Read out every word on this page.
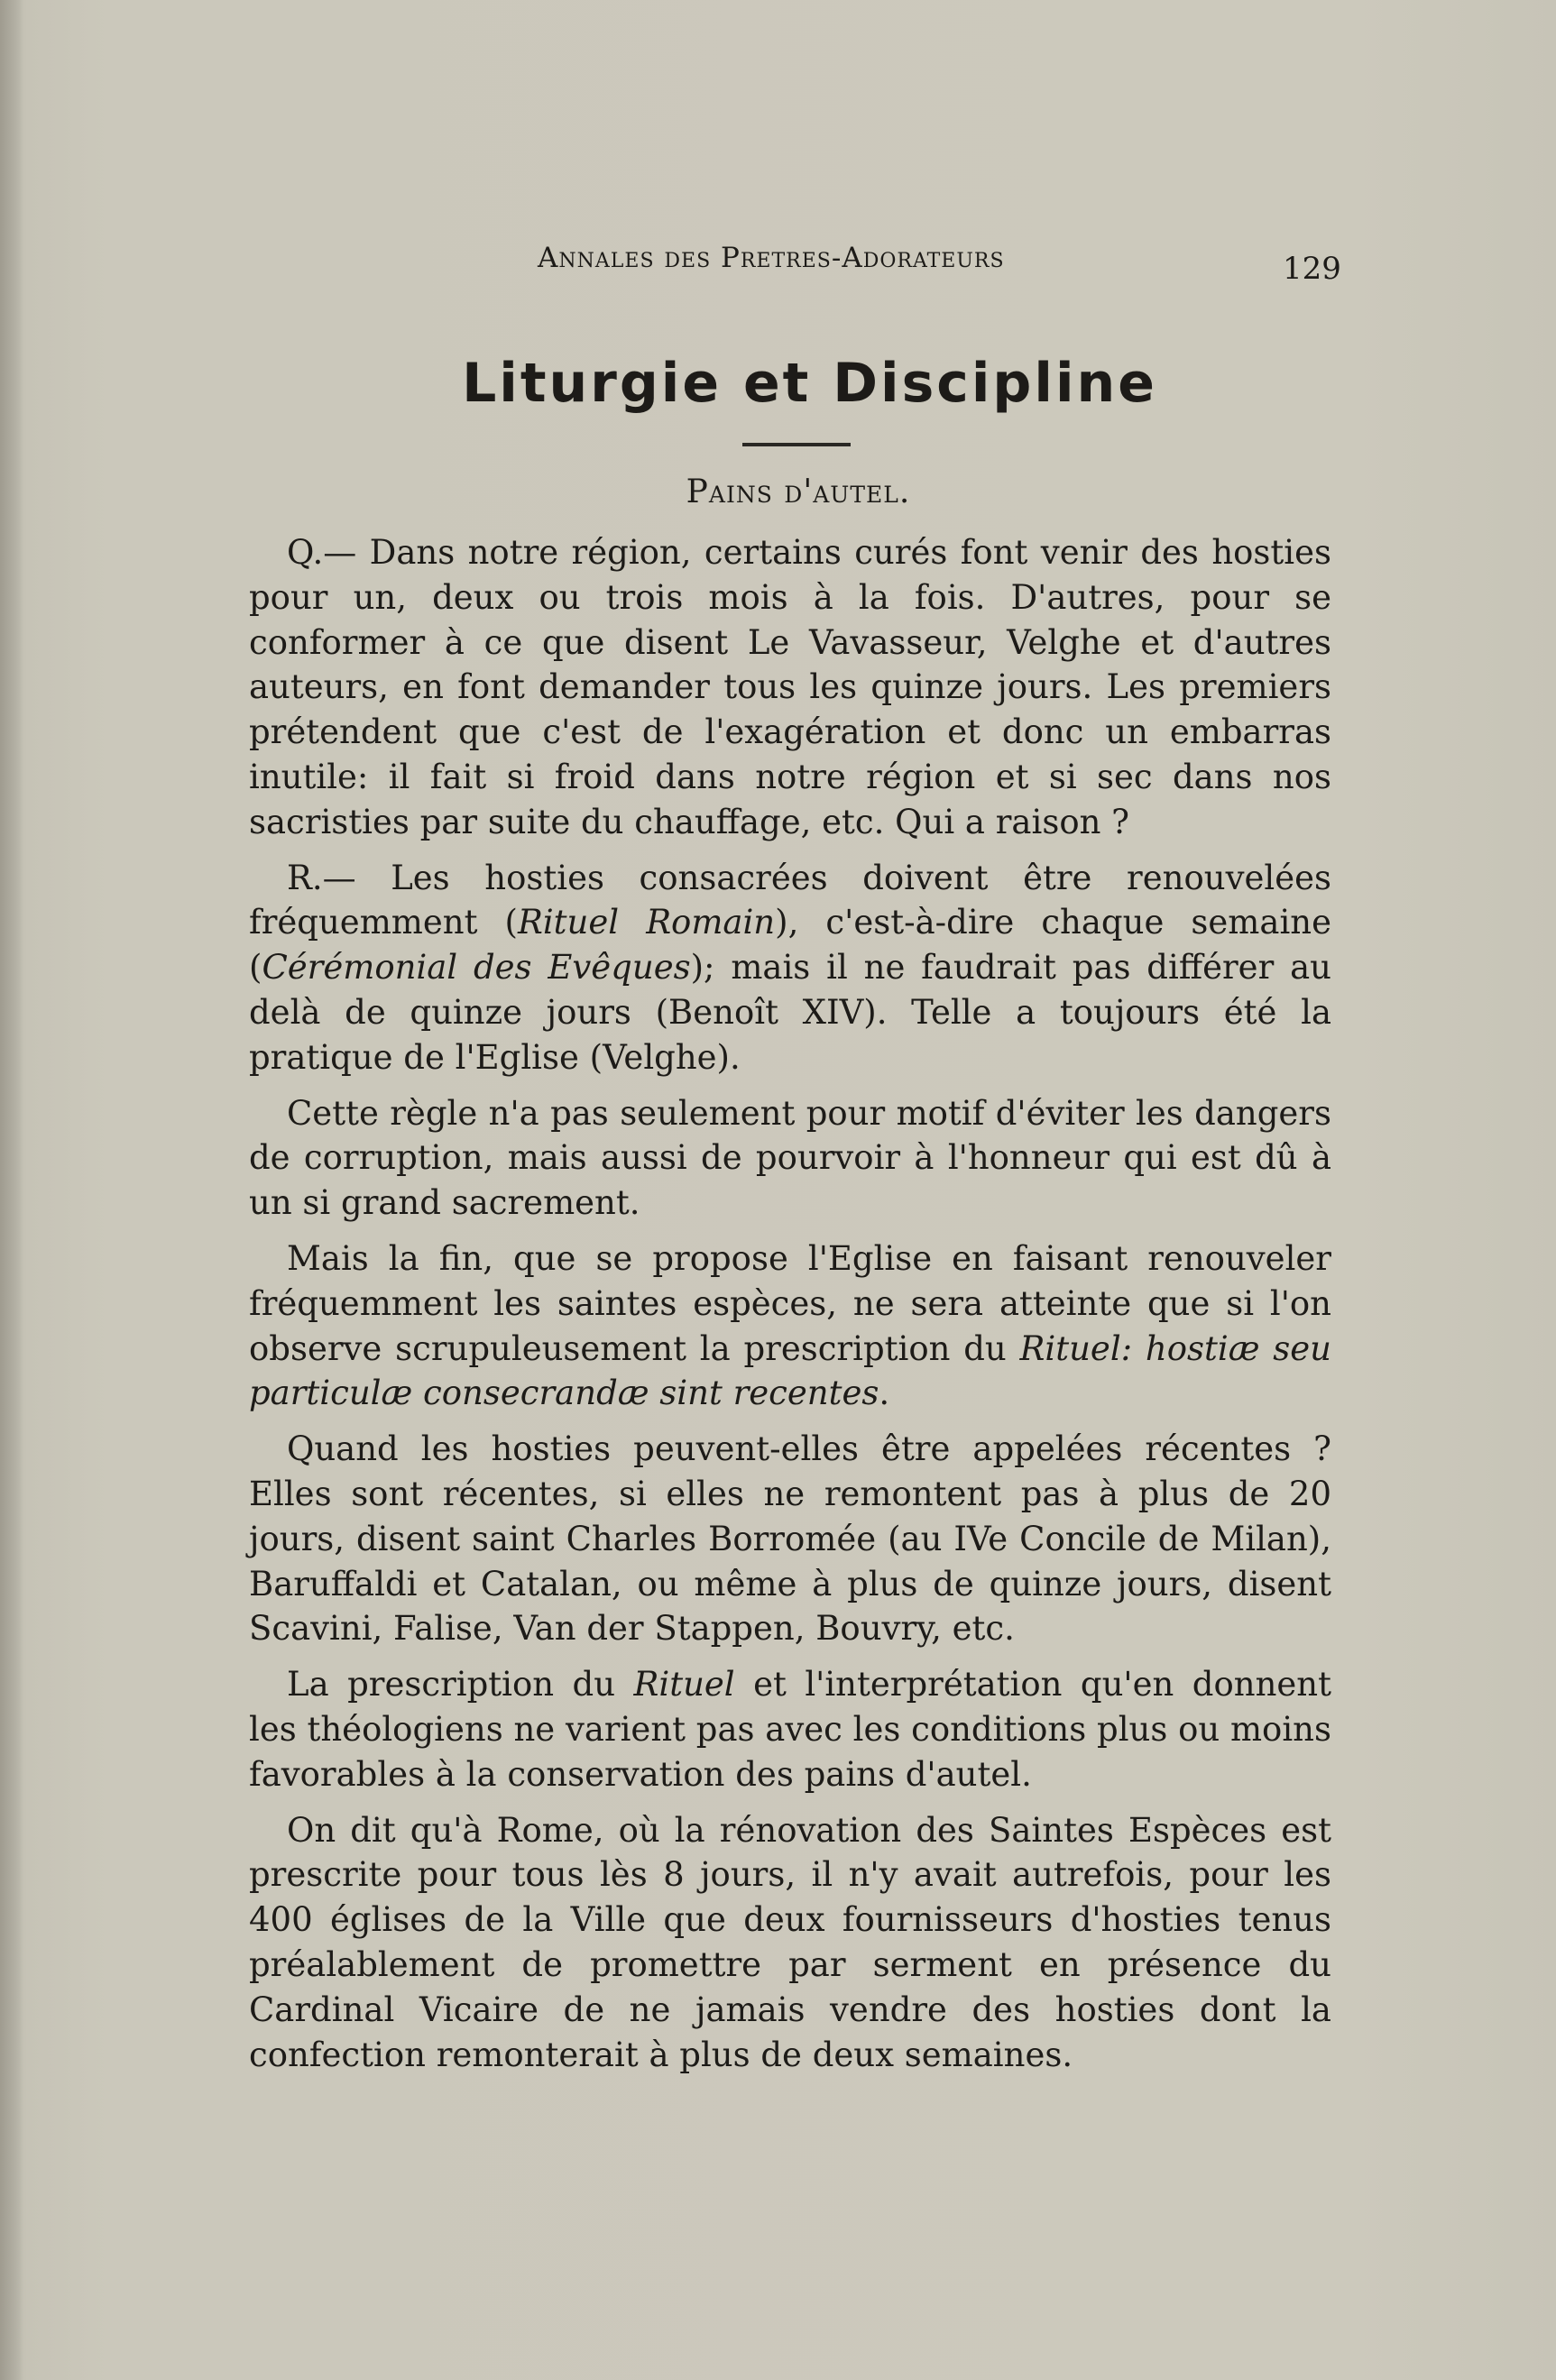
Annales des Pretres-Adorateurs	129
Liturgie et Discipline
Pains d'autel.

Q.— Dans notre région, certains curés font venir des hosties pour un, deux ou trois mois à la fois. D'autres, pour se conformer à ce que disent Le Vavasseur, Velghe et d'autres auteurs, en font demander tous les quinze jours. Les premiers prétendent que c'est de l'exagération et donc un embarras inutile: il fait si froid dans notre région et si sec dans nos sacristies par suite du chauffage, etc. Qui a raison ?

R.— Les hosties consacrées doivent être renouvelées fréquemment (Rituel Romain), c'est-à-dire chaque semaine (Cérémonial des Evêques); mais il ne faudrait pas différer au delà de quinze jours (Benoît XIV). Telle a toujours été la pratique de l'Eglise (Velghe).

Cette règle n'a pas seulement pour motif d'éviter les dangers de corruption, mais aussi de pourvoir à l'honneur qui est dû à un si grand sacrement.

Mais la fin, que se propose l'Eglise en faisant renouveler fréquemment les saintes espèces, ne sera atteinte que si l'on observe scrupuleusement la prescription du Rituel: hostiæ seu particulæ consecrandæ sint recentes.

Quand les hosties peuvent-elles être appelées récentes ? Elles sont récentes, si elles ne remontent pas à plus de 20 jours, disent saint Charles Borromée (au IVe Concile de Milan), Baruffaldi et Catalan, ou même à plus de quinze jours, disent Scavini, Falise, Van der Stappen, Bouvry, etc.

La prescription du Rituel et l'interprétation qu'en donnent les théologiens ne varient pas avec les conditions plus ou moins favorables à la conservation des pains d'autel.

On dit qu'à Rome, où la rénovation des Saintes Espèces est prescrite pour tous lès 8 jours, il n'y avait autrefois, pour les 400 églises de la Ville que deux fournisseurs d'hosties tenus préalablement de promettre par serment en présence du Cardinal Vicaire de ne jamais vendre des hosties dont la confection remonterait à plus de deux semaines.
